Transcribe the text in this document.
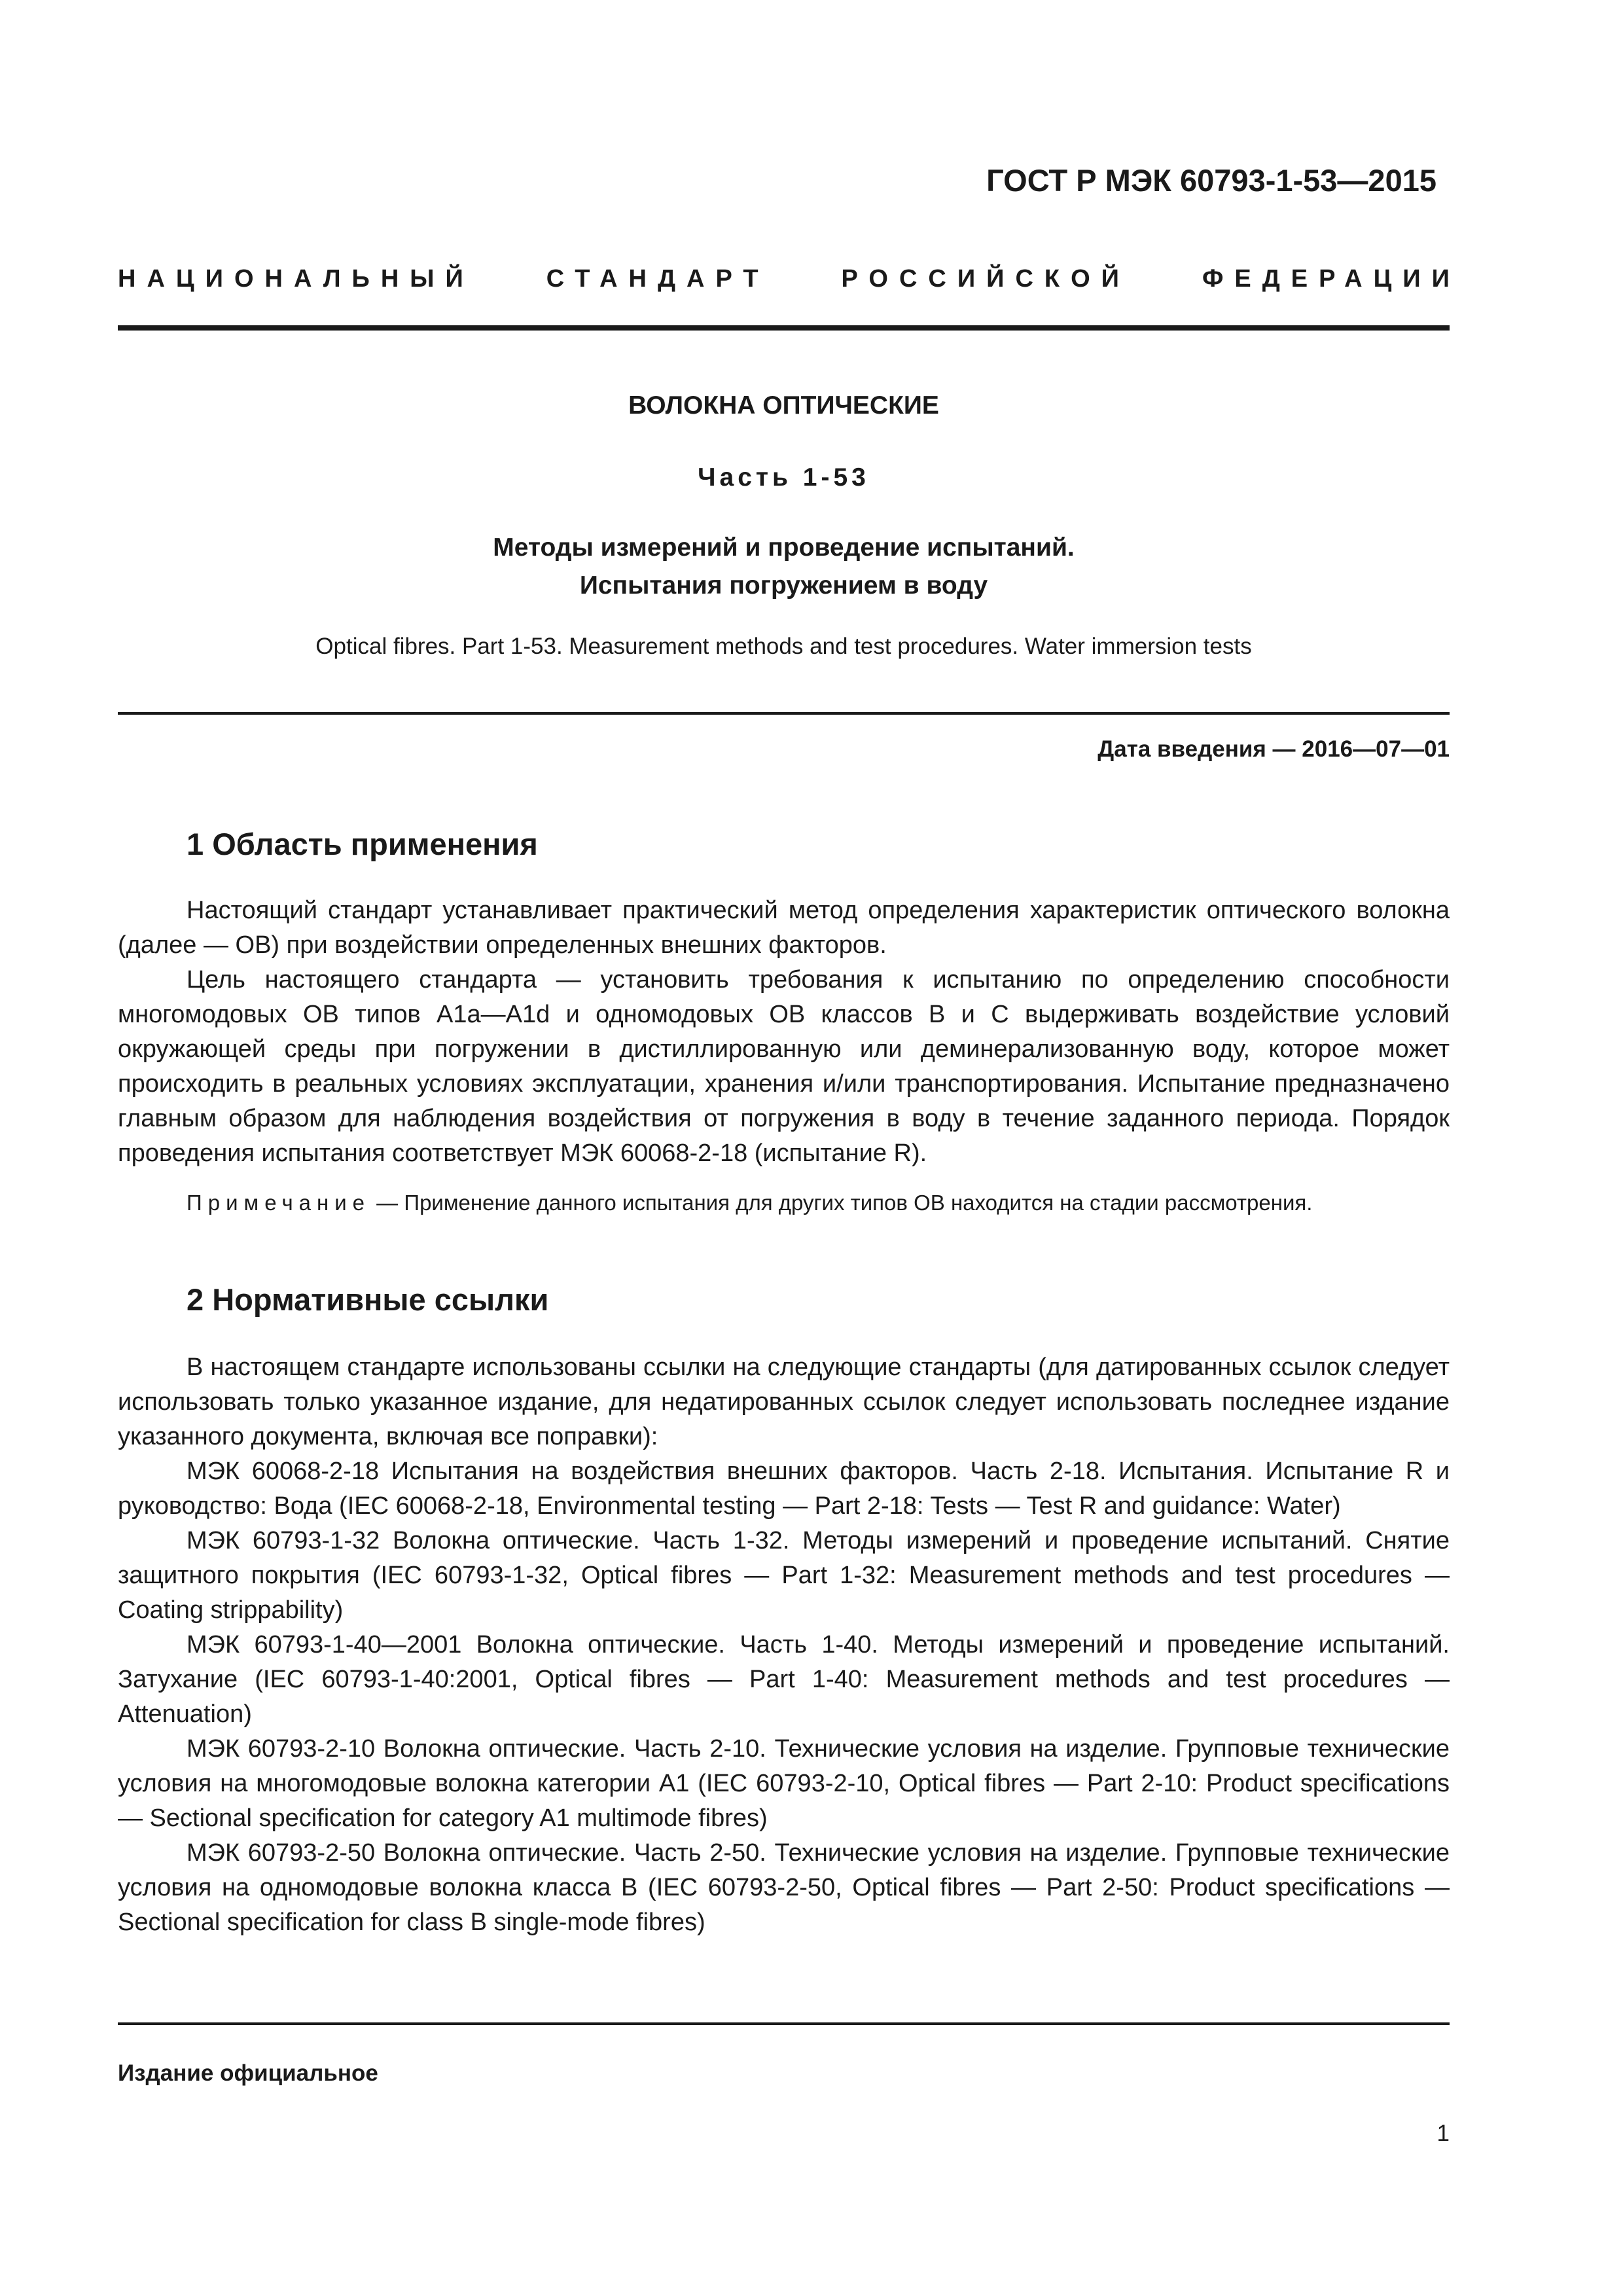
ГОСТ Р МЭК 60793-1-53—2015
НАЦИОНАЛЬНЫЙ	СТАНДАРТ	РОССИЙСКОЙ	ФЕДЕРАЦИИ
ВОЛОКНА ОПТИЧЕСКИЕ
Часть 1-53
Методы измерений и проведение испытаний.
Испытания погружением в воду
Optical fibres. Part 1-53. Measurement methods and test procedures. Water immersion tests
Дата введения — 2016—07—01
1 Область применения

Настоящий стандарт устанавливает практический метод определения характеристик оптического волокна (далее — ОВ) при воздействии определенных внешних факторов.

Цель настоящего стандарта — установить требования к испытанию по определению способности многомодовых ОВ типов A1a—A1d и одномодовых ОВ классов В и С выдерживать воздействие условий окружающей среды при погружении в дистиллированную или деминерализованную воду, которое может происходить в реальных условиях эксплуатации, хранения и/или транспортирования. Испытание предназначено главным образом для наблюдения воздействия от погружения в воду в течение заданного периода. Порядок проведения испытания соответствует МЭК 60068-2-18 (испытание R).

Примечание — Применение данного испытания для других типов ОВ находится на стадии рассмотрения.

2 Нормативные ссылки

В настоящем стандарте использованы ссылки на следующие стандарты (для датированных ссылок следует использовать только указанное издание, для недатированных ссылок следует использовать последнее издание указанного документа, включая все поправки):

МЭК 60068-2-18 Испытания на воздействия внешних факторов. Часть 2-18. Испытания. Испытание R и руководство: Вода (IEC 60068-2-18, Environmental testing — Part 2-18: Tests — Test R and guidance: Water)

МЭК 60793-1-32 Волокна оптические. Часть 1-32. Методы измерений и проведение испытаний. Снятие защитного покрытия (IEC 60793-1-32, Optical fibres — Part 1-32: Measurement methods and test procedures — Coating strippability)

МЭК 60793-1-40—2001 Волокна оптические. Часть 1-40. Методы измерений и проведение испытаний. Затухание (IEC 60793-1-40:2001, Optical fibres — Part 1-40: Measurement methods and test procedures — Attenuation)

МЭК 60793-2-10 Волокна оптические. Часть 2-10. Технические условия на изделие. Групповые технические условия на многомодовые волокна категории А1 (IEC 60793-2-10, Optical fibres — Part 2-10: Product specifications — Sectional specification for category A1 multimode fibres)

МЭК 60793-2-50 Волокна оптические. Часть 2-50. Технические условия на изделие. Групповые технические условия на одномодовые волокна класса В (IEC 60793-2-50, Optical fibres — Part 2-50: Product specifications — Sectional specification for class B single-mode fibres)

Издание официальное
1
